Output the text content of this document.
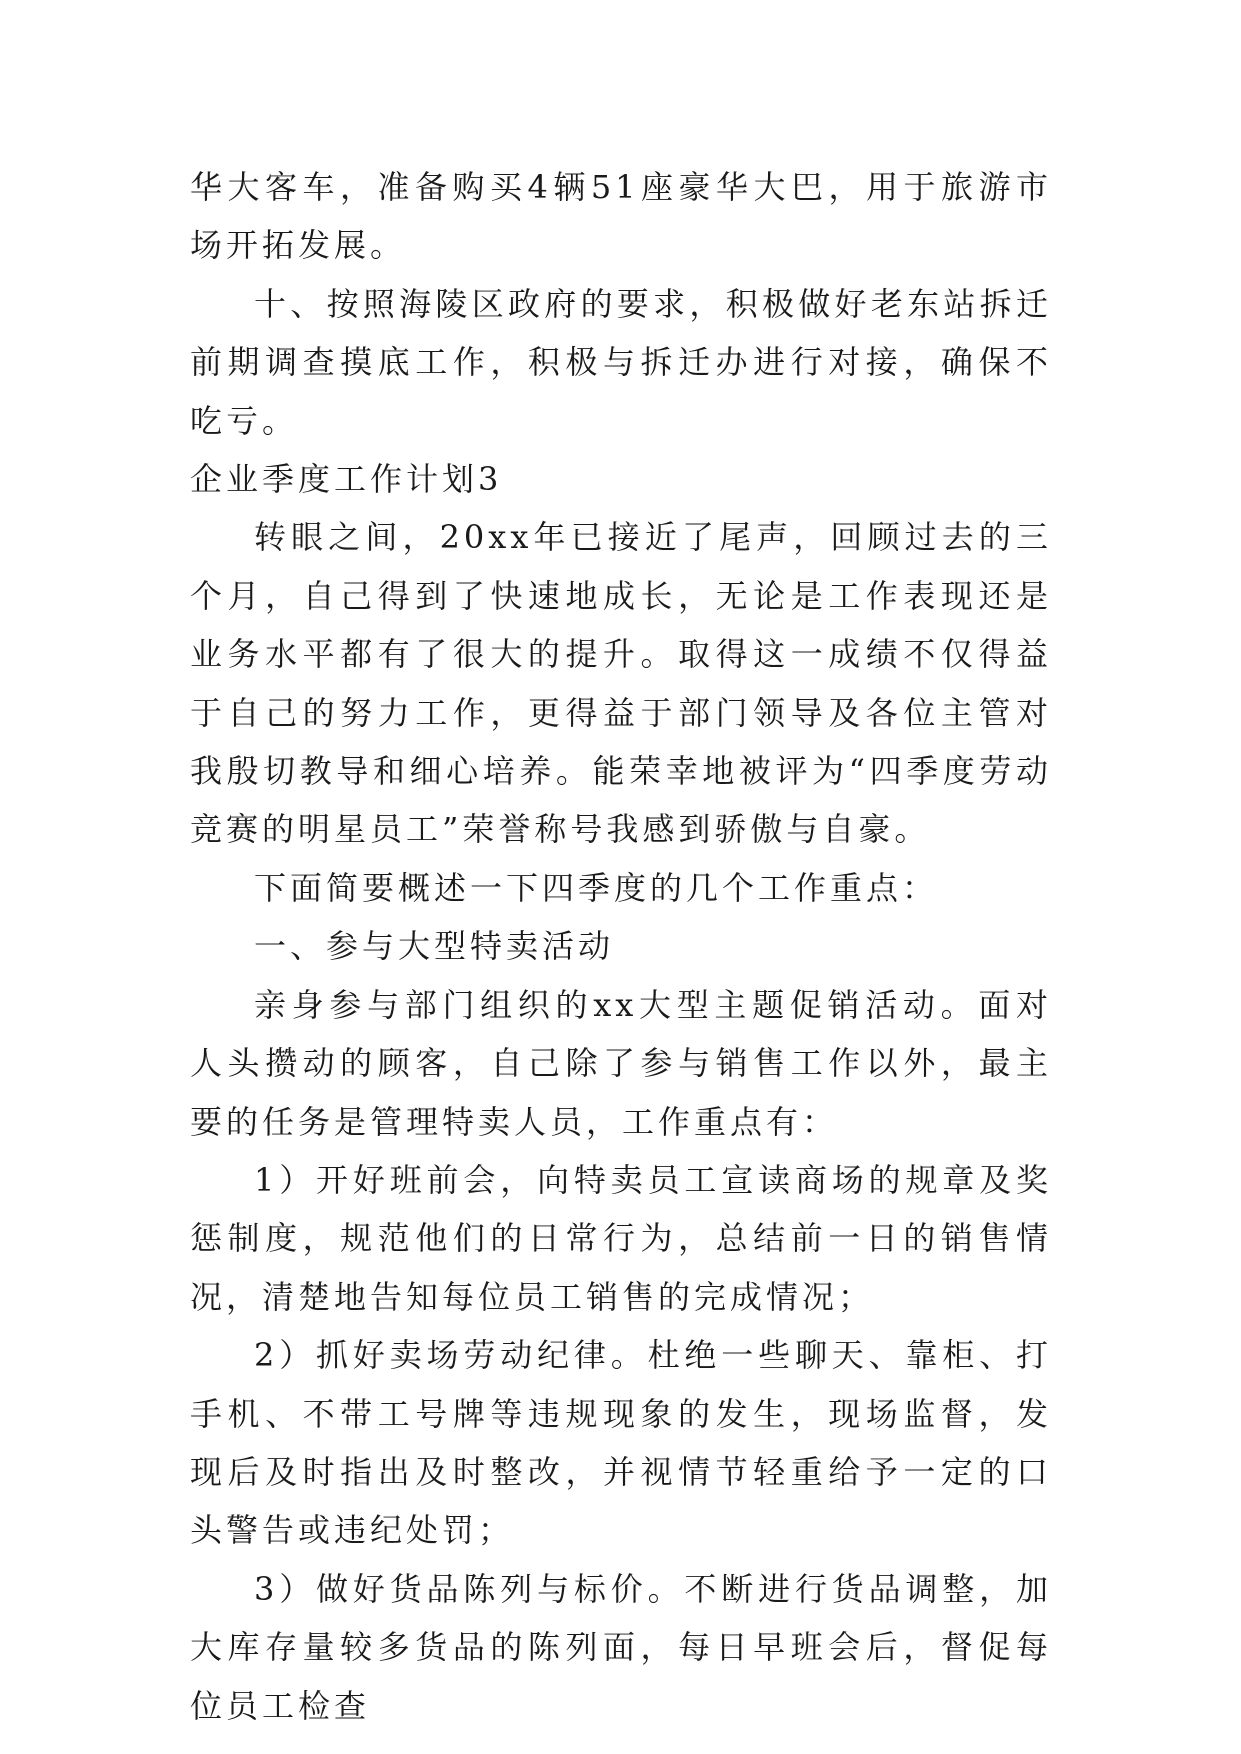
华大客车，准备购买4辆51座豪华大巴，用于旅游市场开拓发展。

十、按照海陵区政府的要求，积极做好老东站拆迁前期调查摸底工作，积极与拆迁办进行对接，确保不吃亏。

企业季度工作计划3

转眼之间，20xx年已接近了尾声，回顾过去的三个月，自己得到了快速地成长，无论是工作表现还是业务水平都有了很大的提升。取得这一成绩不仅得益于自己的努力工作，更得益于部门领导及各位主管对我殷切教导和细心培养。能荣幸地被评为“四季度劳动竞赛的明星员工”荣誉称号我感到骄傲与自豪。

下面简要概述一下四季度的几个工作重点：

一、参与大型特卖活动

亲身参与部门组织的xx大型主题促销活动。面对人头攒动的顾客，自己除了参与销售工作以外，最主要的任务是管理特卖人员，工作重点有：

1）开好班前会，向特卖员工宣读商场的规章及奖惩制度，规范他们的日常行为，总结前一日的销售情况，清楚地告知每位员工销售的完成情况；

2）抓好卖场劳动纪律。杜绝一些聊天、靠柜、打手机、不带工号牌等违规现象的发生，现场监督，发现后及时指出及时整改，并视情节轻重给予一定的口头警告或违纪处罚；

3）做好货品陈列与标价。不断进行货品调整，加大库存量较多货品的陈列面，每日早班会后，督促每位员工检查
